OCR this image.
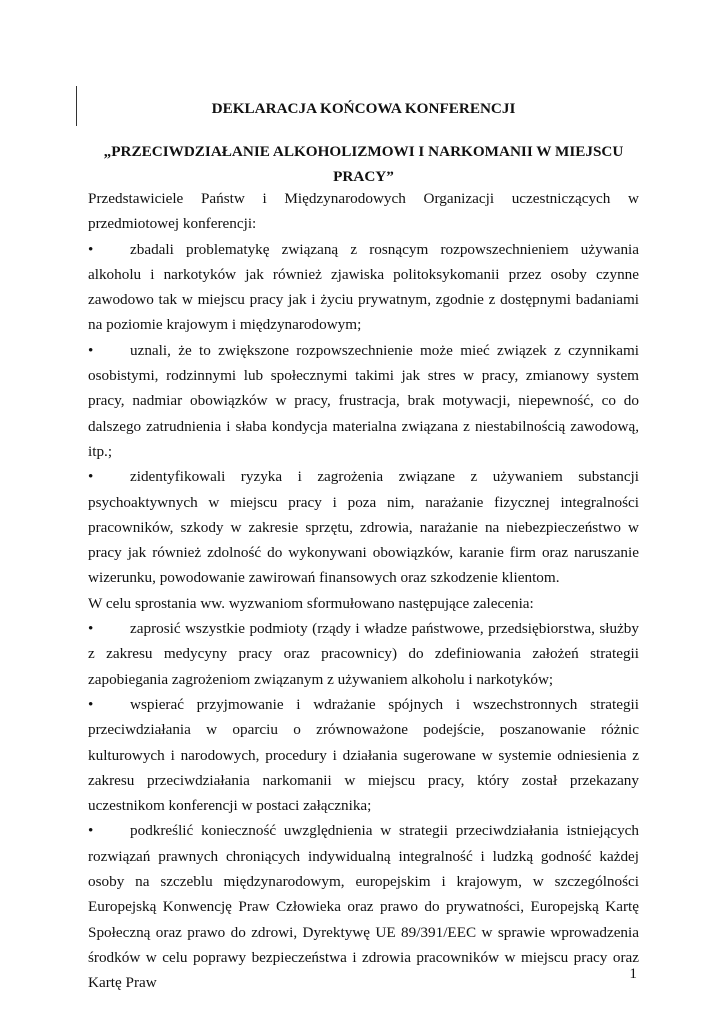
DEKLARACJA KOŃCOWA KONFERENCJI
„PRZECIWDZIAŁANIE ALKOHOLIZMOWI I NARKOMANII W MIEJSCU PRACY”

Przedstawiciele Państw i Międzynarodowych Organizacji uczestniczących w przedmiotowej konferencji:

• zbadali problematykę związaną z rosnącym rozpowszechnieniem używania alkoholu i narkotyków jak również zjawiska politoksykomanii przez osoby czynne zawodowo tak w miejscu pracy jak i życiu prywatnym, zgodnie z dostępnymi badaniami na poziomie krajowym i międzynarodowym;

• uznali, że to zwiększone rozpowszechnienie może mieć związek z czynnikami osobistymi, rodzinnymi lub społecznymi takimi jak stres w pracy, zmianowy system pracy, nadmiar obowiązków w pracy, frustracja, brak motywacji, niepewność, co do dalszego zatrudnienia i słaba kondycja materialna związana z niestabilnością zawodową, itp.;

• zidentyfikowali ryzyka i zagrożenia związane z używaniem substancji psychoaktywnych w miejscu pracy i poza nim, narażanie fizycznej integralności pracowników, szkody w zakresie sprzętu, zdrowia, narażanie na niebezpieczeństwo w pracy jak również zdolność do wykonywani obowiązków, karanie firm oraz naruszanie wizerunku, powodowanie zawirowań finansowych oraz szkodzenie klientom.

W celu sprostania ww. wyzwaniom sformułowano następujące zalecenia:

• zaprosić wszystkie podmioty (rządy i władze państwowe, przedsiębiorstwa, służby z zakresu medycyny pracy oraz pracownicy) do zdefiniowania założeń strategii zapobiegania zagrożeniom związanym z używaniem alkoholu i narkotyków;

• wspierać przyjmowanie i wdrażanie spójnych i wszechstronnych strategii przeciwdziałania w oparciu o zrównoważone podejście, poszanowanie różnic kulturowych i narodowych, procedury i działania sugerowane w systemie odniesienia z zakresu przeciwdziałania narkomanii w miejscu pracy, który został przekazany uczestnikom konferencji w postaci załącznika;

• podkreślić konieczność uwzględnienia w strategii przeciwdziałania istniejących rozwiązań prawnych chroniących indywidualną integralność i ludzką godność każdej osoby na szczeblu międzynarodowym, europejskim i krajowym, w szczególności Europejską Konwencję Praw Człowieka oraz prawo do prywatności, Europejską Kartę Społeczną oraz prawo do zdrowi, Dyrektywę UE 89/391/EEC w sprawie wprowadzenia środków w celu poprawy bezpieczeństwa i zdrowia pracowników w miejscu pracy oraz Kartę Praw

1
